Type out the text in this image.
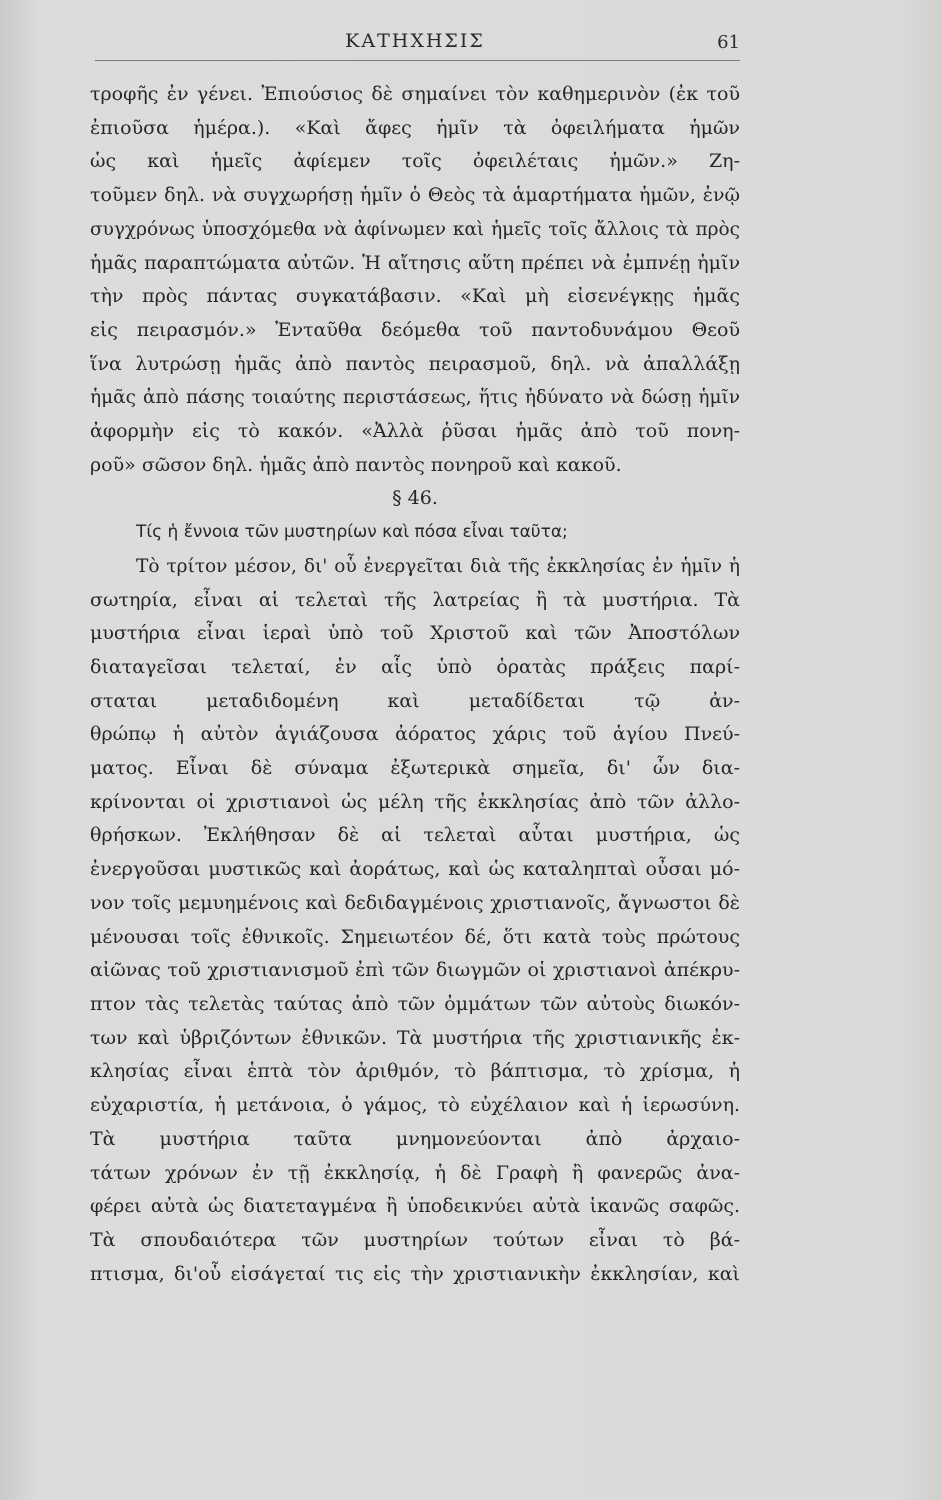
ΚΑΤΗΧΗΣΙΣ	61
τροφῆς ἐν γένει. Ἐπιούσιος δὲ σημαίνει τὸν καθημερινὸν (ἐκ τοῦ
ἐπιοῦσα ἡμέρα.). «Καὶ ἄφες ἡμῖν τὰ ὀφειλήματα ἡμῶν
ὡς καὶ ἡμεῖς ἀφίεμεν τοῖς ὀφειλέταις ἡμῶν.» Ζη-
τοῦμεν δηλ. νὰ συγχωρήσῃ ἡμῖν ὁ Θεὸς τὰ ἁμαρτήματα ἡμῶν, ἐνῷ
συγχρόνως ὑποσχόμεθα νὰ ἀφίνωμεν καὶ ἡμεῖς τοῖς ἄλλοις τὰ πρὸς
ἡμᾶς παραπτώματα αὐτῶν. Ἡ αἴτησις αὕτη πρέπει νὰ ἐμπνέῃ ἡμῖν
τὴν πρὸς πάντας συγκατάβασιν. «Καὶ μὴ εἰσενέγκῃς ἡμᾶς
εἰς πειρασμόν.» Ἐνταῦθα δεόμεθα τοῦ παντοδυνάμου Θεοῦ
ἵνα λυτρώσῃ ἡμᾶς ἀπὸ παντὸς πειρασμοῦ, δηλ. νὰ ἀπαλλάξῃ
ἡμᾶς ἀπὸ πάσης τοιαύτης περιστάσεως, ἥτις ἠδύνατο νὰ δώσῃ ἡμῖν
ἀφορμὴν εἰς τὸ κακόν. «Ἀλλὰ ῥῦσαι ἡμᾶς ἀπὸ τοῦ πονη-
ροῦ» σῶσον δηλ. ἡμᾶς ἀπὸ παντὸς πονηροῦ καὶ κακοῦ.
§ 46.
Τίς ἡ ἔννοια τῶν μυστηρίων καὶ πόσα εἶναι ταῦτα;
Τὸ τρίτον μέσον, δι' οὗ ἐνεργεῖται διὰ τῆς ἐκκλησίας ἐν ἡμῖν ἡ
σωτηρία, εἶναι αἱ τελεταὶ τῆς λατρείας ἢ τὰ μυστήρια. Τὰ
μυστήρια εἶναι ἱεραὶ ὑπὸ τοῦ Χριστοῦ καὶ τῶν Ἀποστόλων
διαταγεῖσαι τελεταί, ἐν αἷς ὑπὸ ὁρατὰς πράξεις παρί-
σταται μεταδιδομένη καὶ μεταδίδεται τῷ ἀν-
θρώπῳ ἡ αὐτὸν ἁγιάζουσα ἀόρατος χάρις τοῦ ἁγίου Πνεύ-
ματος. Εἶναι δὲ σύναμα ἐξωτερικὰ σημεῖα, δι' ὧν δια-
κρίνονται οἱ χριστιανοὶ ὡς μέλη τῆς ἐκκλησίας ἀπὸ τῶν ἀλλο-
θρήσκων. Ἐκλήθησαν δὲ αἱ τελεταὶ αὗται μυστήρια, ὡς
ἐνεργοῦσαι μυστικῶς καὶ ἀοράτως, καὶ ὡς καταληπταὶ οὖσαι μό-
νον τοῖς μεμυημένοις καὶ δεδιδαγμένοις χριστιανοῖς, ἄγνωστοι δὲ
μένουσαι τοῖς ἐθνικοῖς. Σημειωτέον δέ, ὅτι κατὰ τοὺς πρώτους
αἰῶνας τοῦ χριστιανισμοῦ ἐπὶ τῶν διωγμῶν οἱ χριστιανοὶ ἀπέκρυ-
πτον τὰς τελετὰς ταύτας ἀπὸ τῶν ὀμμάτων τῶν αὐτοὺς διωκόν-
των καὶ ὑβριζόντων ἐθνικῶν. Τὰ μυστήρια τῆς χριστιανικῆς ἐκ-
κλησίας εἶναι ἑπτὰ τὸν ἀριθμόν, τὸ βάπτισμα, τὸ χρίσμα, ἡ
εὐχαριστία, ἡ μετάνοια, ὁ γάμος, τὸ εὐχέλαιον καὶ ἡ ἱερωσύνη.
Τὰ μυστήρια ταῦτα μνημονεύονται ἀπὸ ἀρχαιο-
τάτων χρόνων ἐν τῇ ἐκκλησίᾳ, ἡ δὲ Γραφὴ ἢ φανερῶς ἀνα-
φέρει αὐτὰ ὡς διατεταγμένα ἢ ὑποδεικνύει αὐτὰ ἱκανῶς σαφῶς.
Τὰ σπουδαιότερα τῶν μυστηρίων τούτων εἶναι τὸ βά-
πτισμα, δι'οὗ εἰσάγεταί τις εἰς τὴν χριστιανικὴν ἐκκλησίαν, καὶ
